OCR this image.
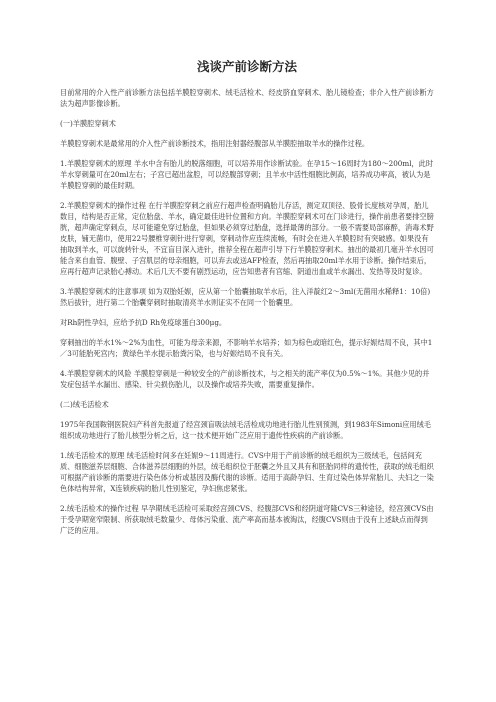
浅谈产前诊断方法

目前常用的介入性产前诊断方法包括羊膜腔穿刺术、绒毛活检术、经皮脐血穿刺术、胎儿镜检查；非介入性产前诊断方法为超声影像诊断。

(一)羊膜腔穿刺术

羊膜腔穿刺术是最常用的介入性产前诊断技术，指用注射器经腹部从羊膜腔抽取羊水的操作过程。

1.羊膜腔穿刺术的原理 羊水中含有胎儿的脱落细胞，可以培养用作诊断试验。在孕15～16周时为180～200ml，此时羊水穿刺量可在20ml左右；子宫已超出盆腔，可以经腹部穿刺；且羊水中活性细胞比例高，培养成功率高，被认为是羊膜腔穿刺的最佳时期。

2.羊膜腔穿刺术的操作过程 在行羊膜腔穿刺之前应行超声检查明确胎儿存活，测定双顶径、股骨长度核对孕周，胎儿数目，结构是否正常，定位胎盘、羊水，确定最佳进针位置和方向。羊膜腔穿刺术可在门诊进行，操作前患者要排空膀胱，超声确定穿刺点，尽可能避免穿过胎盘，但如果必须穿过胎盘，选择最薄的部分。一般不需要局部麻醉，消毒术野皮肤，铺无菌巾，使用22号腰椎穿刺针进行穿刺，穿刺动作应连续流畅，有时会在进入羊膜腔时有突破感。如果没有抽取到羊水，可以旋转针头，不宜盲目深入进针，推荐全程在超声引导下行羊膜腔穿刺术。抽出的最初几毫升羊水因可能含来自血管、腹壁、子宫肌层的母亲细胞，可以弃去或送AFP检查，然后再抽取20ml羊水用于诊断。操作结束后，应再行超声记录胎心搏动。术后几天不要有剧烈运动，应告知患者有宫缩、阴道出血或羊水漏出、发热等及时复诊。

3.羊膜腔穿刺术的注意事项 如为双胎妊娠，应从第一个胎囊抽取羊水后，注入洋靛红2～3ml(无菌用水稀释1：10倍)然后拔针，进行第二个胎囊穿刺时抽取清亮羊水则证实不在同一个胎囊里。

对Rh阴性孕妇，应给予抗D Rh免疫球蛋白300μg。

穿刺抽出的羊水1%～2%为血性，可能为母亲来源，不影响羊水培养；如为棕色或暗红色，提示好娠结局不良，其中1／3可能胎死宫内；黄绿色羊水提示胎粪污染，也与好娠结局不良有关。

4.羊膜腔穿刺术的风险 羊膜腔穿刺是一种较安全的产前诊断技术，与之相关的流产率仅为0.5%～1%。其他少见的并发症包括羊水漏出、感染、针尖损伤胎儿，以及操作或培养失败，需要重复操作。

(二)绒毛活检术

1975年我国鞍钢医院妇产科首先报道了经宫颈盲吸法绒毛活检成功地进行胎儿性别预测，到1983年Simoni应用绒毛组织成功地进行了胎儿核型分析之后，这一技术便开始广泛应用于遗传性疾病的产前诊断。

1.绒毛活检术的原理 绒毛活检时间多在妊娠9～11周进行。CVS中用于产前诊断的绒毛组织为三级绒毛，包括间充质、细胞滋养层细胞、合体滋养层细胞的外层，绒毛组织位于胚囊之外且又具有和胚胎同样的遗传性，获取的绒毛组织可根据产前诊断的需要进行染色体分析或基因及酶代谢的诊断。适用于高龄孕妇、生育过染色体异常胎儿、夫妇之一染色体结构异常，X连锁疾病的胎儿性别鉴定，孕妇焦虑紧张。

2.绒毛活检术的操作过程 早孕期绒毛活检可采取经宫颈CVS、经腹部CVS和经阴道穹隆CVS三种途径，经宫颈CVS由于受孕期宽窄限制、所获取绒毛数量少、母体污染重、流产率高而基本被淘汰，经腹CVS则由于没有上述缺点而得到广泛的应用。
